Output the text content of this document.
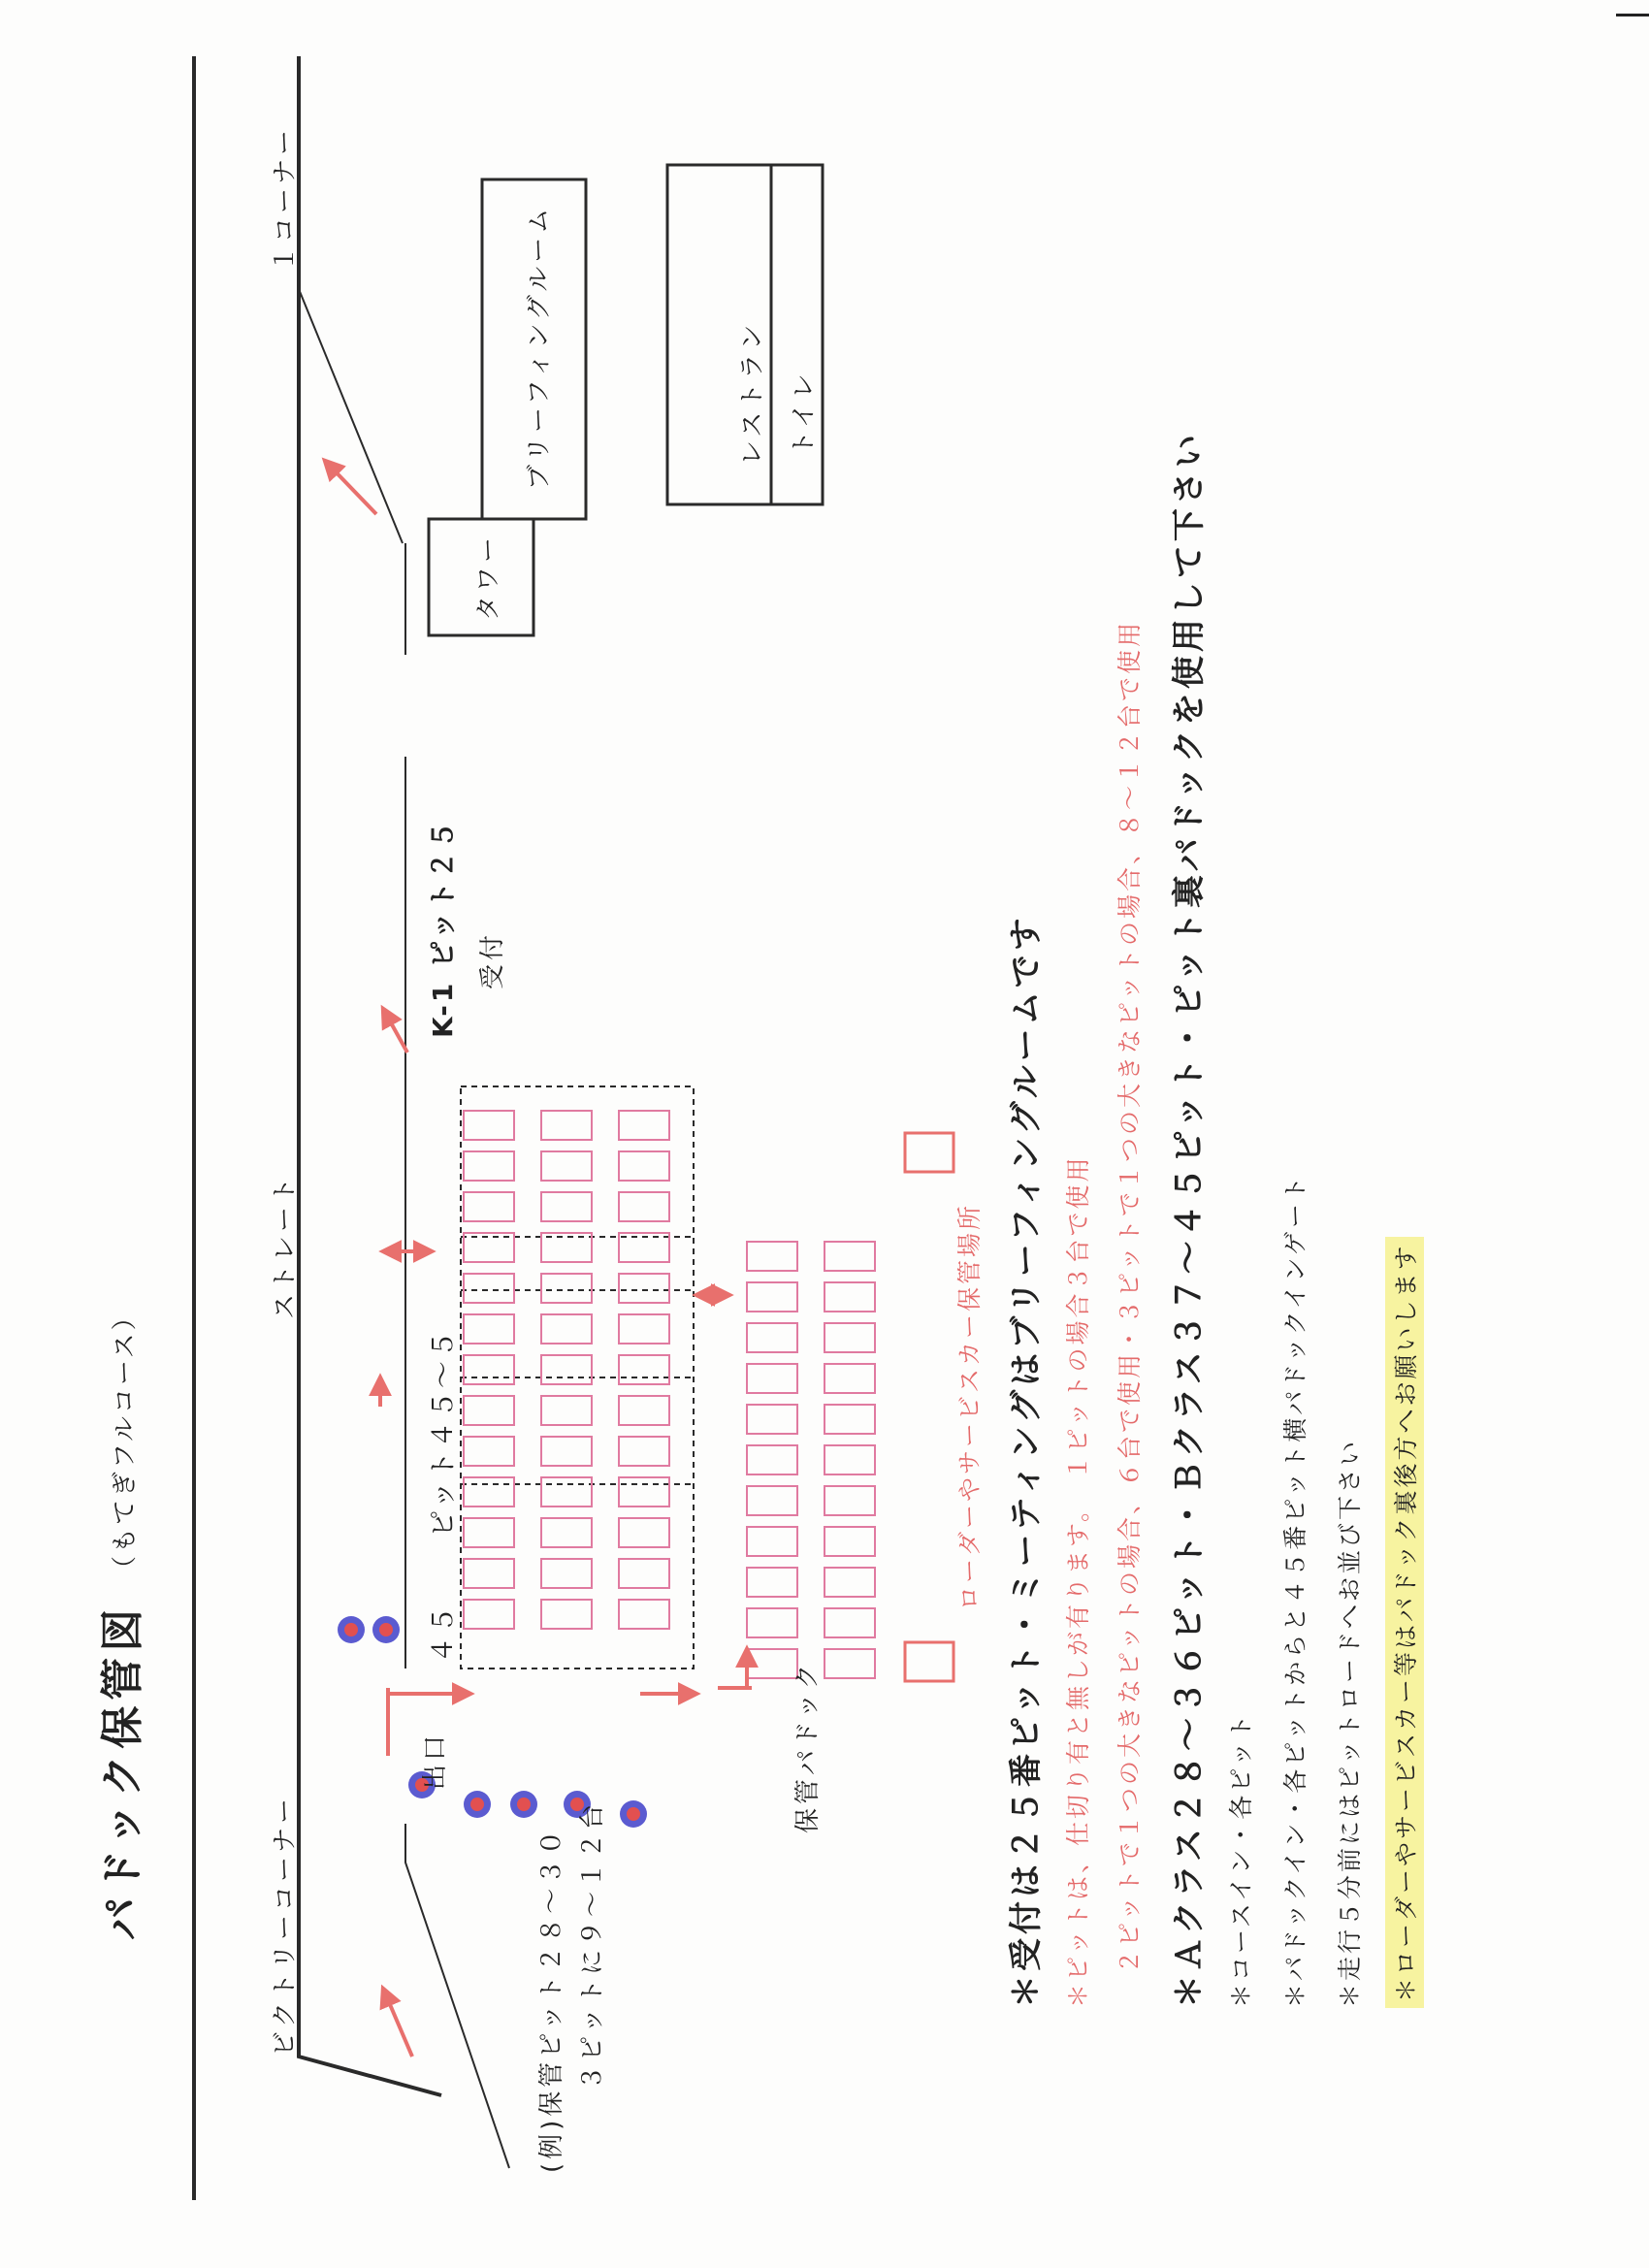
パドック保管図
（もてぎフルコース）
ビクトリーコーナー
ストレート
１コーナー
ブリーフィングルーム	レストラン トイレ
タワー
４５
ピット４５～５
K-1 ピット２５ 受付
出口	保管パドック
ローダーやサービスカー保管場所
(例)保管ピット２８～３０ ３ピットに９～１２台	＊受付は２５番ピット・ミーティングはブリーフィングルームです ＊ピットは、仕切り有と無しが有ります。　１ピットの場合３台で使用 ２ピットで１つの大きなピットの場合、６台で使用・３ピットで１つの大きなピットの場合、８～１２台で使用 ＊Ａクラス２８～３６ピット・Ｂクラス３７～４５ピット・ピット裏パドックを使用して下さい ＊コースイン・各ピット ＊パドックイン・各ピットからと４５番ピット横パドックインゲート ＊走行５分前にはピットロードへお並び下さい ＊ローダーやサービスカー等はパドック裏後方へお願いします
